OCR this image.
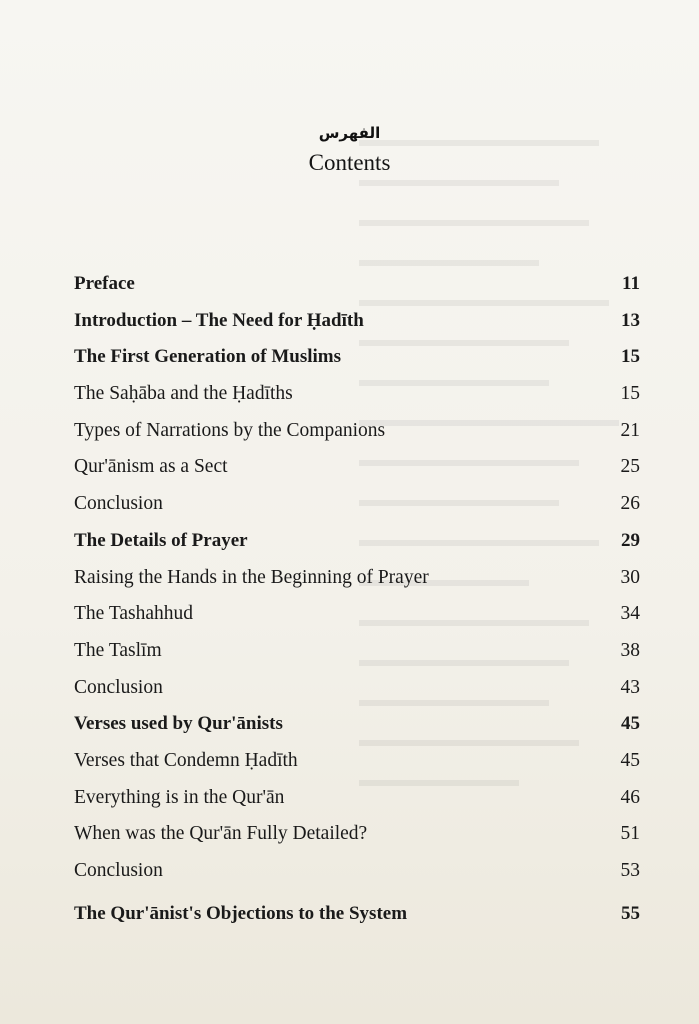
الفهرس
Contents
Preface	11
Introduction – The Need for Ḥadīth	13
The First Generation of Muslims	15
The Saḥāba and the Ḥadīths	15
Types of Narrations by the Companions	21
Qur'ānism as a Sect	25
Conclusion	26
The Details of Prayer	29
Raising the Hands in the Beginning of Prayer	30
The Tashahhud	34
The Taslīm	38
Conclusion	43
Verses used by Qur'ānists	45
Verses that Condemn Ḥadīth	45
Everything is in the Qur'ān	46
When was the Qur'ān Fully Detailed?	51
Conclusion	53
The Qur'ānist's Objections to the System	55
